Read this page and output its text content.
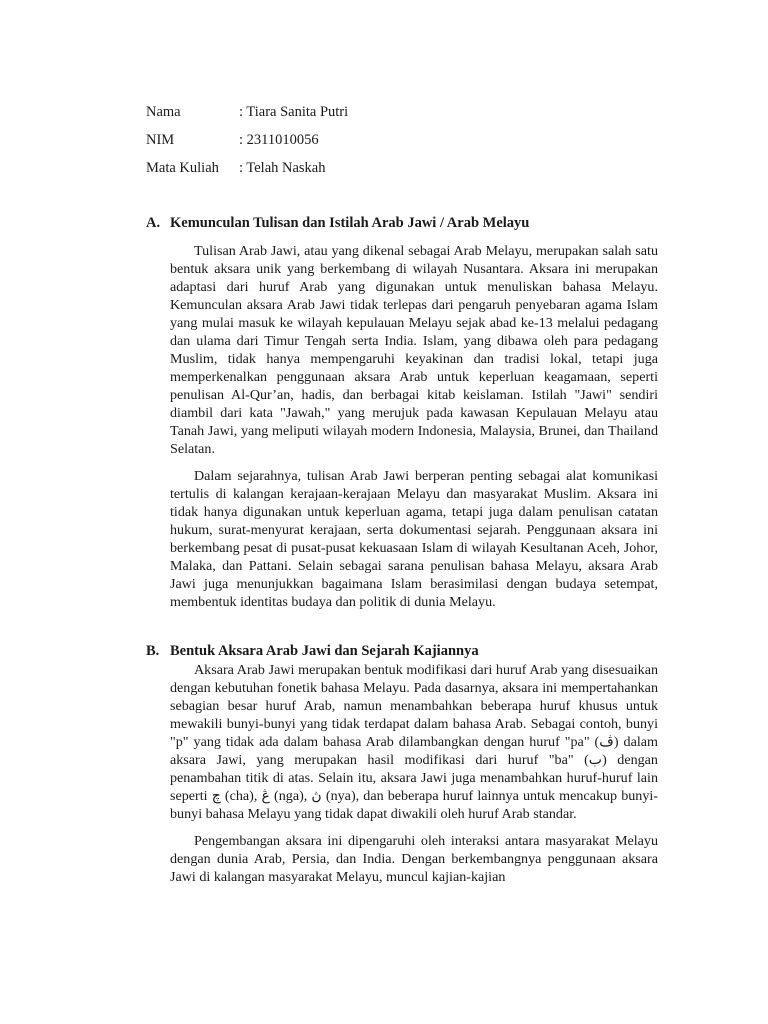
Nama	: Tiara Sanita Putri
NIM	: 2311010056
Mata Kuliah	: Telah Naskah
A. Kemunculan Tulisan dan Istilah Arab Jawi / Arab Melayu

Tulisan Arab Jawi, atau yang dikenal sebagai Arab Melayu, merupakan salah satu bentuk aksara unik yang berkembang di wilayah Nusantara. Aksara ini merupakan adaptasi dari huruf Arab yang digunakan untuk menuliskan bahasa Melayu. Kemunculan aksara Arab Jawi tidak terlepas dari pengaruh penyebaran agama Islam yang mulai masuk ke wilayah kepulauan Melayu sejak abad ke-13 melalui pedagang dan ulama dari Timur Tengah serta India. Islam, yang dibawa oleh para pedagang Muslim, tidak hanya mempengaruhi keyakinan dan tradisi lokal, tetapi juga memperkenalkan penggunaan aksara Arab untuk keperluan keagamaan, seperti penulisan Al-Qur’an, hadis, dan berbagai kitab keislaman. Istilah "Jawi" sendiri diambil dari kata "Jawah," yang merujuk pada kawasan Kepulauan Melayu atau Tanah Jawi, yang meliputi wilayah modern Indonesia, Malaysia, Brunei, dan Thailand Selatan.

Dalam sejarahnya, tulisan Arab Jawi berperan penting sebagai alat komunikasi tertulis di kalangan kerajaan-kerajaan Melayu dan masyarakat Muslim. Aksara ini tidak hanya digunakan untuk keperluan agama, tetapi juga dalam penulisan catatan hukum, surat-menyurat kerajaan, serta dokumentasi sejarah. Penggunaan aksara ini berkembang pesat di pusat-pusat kekuasaan Islam di wilayah Kesultanan Aceh, Johor, Malaka, dan Pattani. Selain sebagai sarana penulisan bahasa Melayu, aksara Arab Jawi juga menunjukkan bagaimana Islam berasimilasi dengan budaya setempat, membentuk identitas budaya dan politik di dunia Melayu.

B. Bentuk Aksara Arab Jawi dan Sejarah Kajiannya

Aksara Arab Jawi merupakan bentuk modifikasi dari huruf Arab yang disesuaikan dengan kebutuhan fonetik bahasa Melayu. Pada dasarnya, aksara ini mempertahankan sebagian besar huruf Arab, namun menambahkan beberapa huruf khusus untuk mewakili bunyi-bunyi yang tidak terdapat dalam bahasa Arab. Sebagai contoh, bunyi "p" yang tidak ada dalam bahasa Arab dilambangkan dengan huruf "pa" (ڤ) dalam aksara Jawi, yang merupakan hasil modifikasi dari huruf "ba" (ب) dengan penambahan titik di atas. Selain itu, aksara Jawi juga menambahkan huruf-huruf lain seperti چ (cha), ڠ (nga), ڽ (nya), dan beberapa huruf lainnya untuk mencakup bunyi-bunyi bahasa Melayu yang tidak dapat diwakili oleh huruf Arab standar.

Pengembangan aksara ini dipengaruhi oleh interaksi antara masyarakat Melayu dengan dunia Arab, Persia, dan India. Dengan berkembangnya penggunaan aksara Jawi di kalangan masyarakat Melayu, muncul kajian-kajian
